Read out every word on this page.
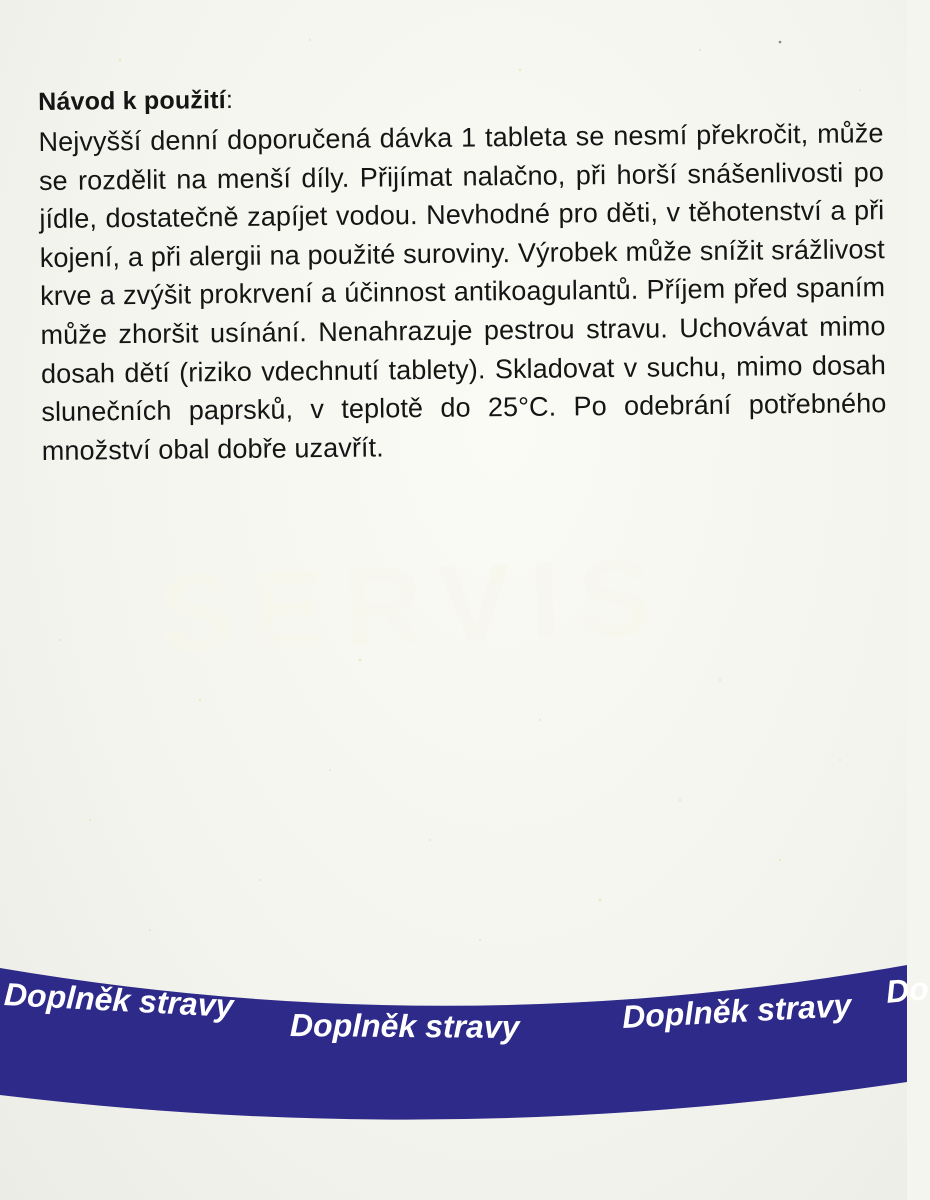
SERVIS

Návod k použití:

Nejvyšší denní doporučená dávka 1 tableta se nesmí překročit, může se rozdělit na menší díly. Přijímat nalačno, při horší snášenlivosti po jídle, dostatečně zapíjet vodou. Nevhodné pro děti, v těhotenství a při kojení, a při alergii na použité suroviny. Výrobek může snížit srážlivost krve a zvýšit prokrvení a účinnost antikoagulantů. Příjem před spaním může zhoršit usínání. Nenahrazuje pestrou stravu. Uchovávat mimo dosah dětí (riziko vdechnutí tablety). Skladovat v suchu, mimo dosah slunečních paprsků, v teplotě do 25°C. Po odebrání potřebného množství obal dobře uzavřít.

Doplněk stravy
Doplněk stravy	Doplněk stravy Do
